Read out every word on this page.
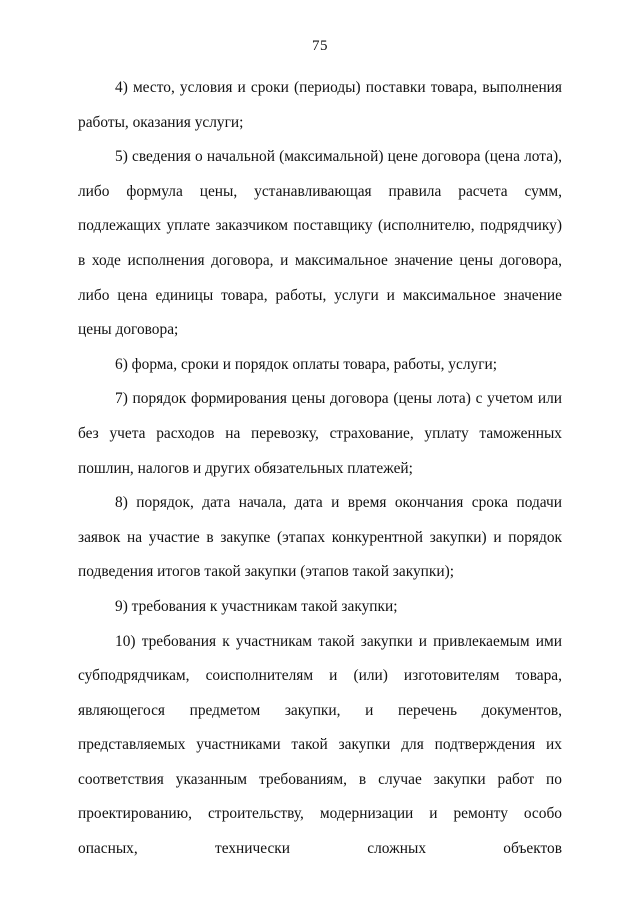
75

4) место, условия и сроки (периоды) поставки товара, выполнения работы, оказания услуги;

5) сведения о начальной (максимальной) цене договора (цена лота), либо формула цены, устанавливающая правила расчета сумм, подлежащих уплате заказчиком поставщику (исполнителю, подрядчику) в ходе исполнения договора, и максимальное значение цены договора, либо цена единицы товара, работы, услуги и максимальное значение цены договора;

6) форма, сроки и порядок оплаты товара, работы, услуги;

7) порядок формирования цены договора (цены лота) с учетом или без учета расходов на перевозку, страхование, уплату таможенных пошлин, налогов и других обязательных платежей;

8) порядок, дата начала, дата и время окончания срока подачи заявок на участие в закупке (этапах конкурентной закупки) и порядок подведения итогов такой закупки (этапов такой закупки);

9) требования к участникам такой закупки;

10) требования к участникам такой закупки и привлекаемым ими субподрядчикам, соисполнителям и (или) изготовителям товара, являющегося предметом закупки, и перечень документов, представляемых участниками такой закупки для подтверждения их соответствия указанным требованиям, в случае закупки работ по проектированию, строительству, модернизации и ремонту особо опасных, технически сложных объектов
